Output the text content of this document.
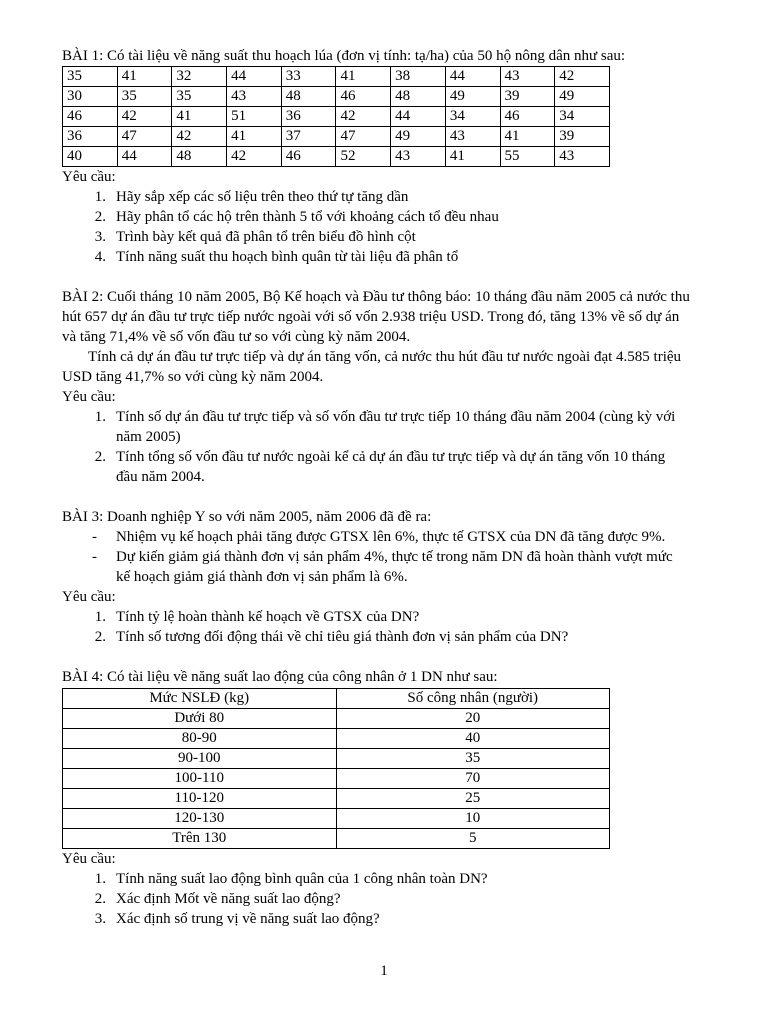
BÀI 1: Có tài liệu về năng suất thu hoạch lúa (đơn vị tính: tạ/ha) của 50 hộ nông dân như sau:

35	41	32	44	33	41	38	44	43	42
30	35	35	43	48	46	48	49	39	49
46	42	41	51	36	42	44	34	46	34
36	47	42	41	37	47	49	43	41	39
40	44	48	42	46	52	43	41	55	43

Yêu cầu:

1. Hãy sắp xếp các số liệu trên theo thứ tự tăng dần
2. Hãy phân tổ các hộ trên thành 5 tổ với khoảng cách tổ đều nhau
3. Trình bày kết quả đã phân tổ trên biểu đồ hình cột
4. Tính năng suất thu hoạch bình quân từ tài liệu đã phân tổ

BÀI 2: Cuối tháng 10 năm 2005, Bộ Kế hoạch và Đầu tư thông báo: 10 tháng đầu năm 2005 cả nước thu hút 657 dự án đầu tư trực tiếp nước ngoài với số vốn 2.938 triệu USD. Trong đó, tăng 13% về số dự án và tăng 71,4% về số vốn đầu tư so với cùng kỳ năm 2004.

Tính cả dự án đầu tư trực tiếp và dự án tăng vốn, cả nước thu hút đầu tư nước ngoài đạt 4.585 triệu USD tăng 41,7% so với cùng kỳ năm 2004.

Yêu cầu:

1. Tính số dự án đầu tư trực tiếp và số vốn đầu tư trực tiếp 10 tháng đầu năm 2004 (cùng kỳ với năm 2005)
2. Tính tổng số vốn đầu tư nước ngoài kể cả dự án đầu tư trực tiếp và dự án tăng vốn 10 tháng đầu năm 2004.

BÀI 3: Doanh nghiệp Y so với năm 2005, năm 2006 đã đề ra:

-	Nhiệm vụ kế hoạch phải tăng được GTSX lên 6%, thực tế GTSX của DN đã tăng được 9%.
-	Dự kiến giảm giá thành đơn vị sản phẩm 4%, thực tế trong năm DN đã hoàn thành vượt mức kế hoạch giảm giá thành đơn vị sản phẩm là 6%.

Yêu cầu:

1. Tính tỷ lệ hoàn thành kế hoạch về GTSX của DN?
2. Tính số tương đối động thái về chỉ tiêu giá thành đơn vị sản phẩm của DN?

BÀI 4: Có tài liệu về năng suất lao động của công nhân ở 1 DN như sau:

Mức NSLĐ (kg)	Số công nhân (người)
Dưới 80	20
80-90	40
90-100	35
100-110	70
110-120	25
120-130	10
Trên 130	5

Yêu cầu:

1. Tính năng suất lao động bình quân của 1 công nhân toàn DN?
2. Xác định Mốt về năng suất lao động?
3. Xác định số trung vị về năng suất lao động?
1
